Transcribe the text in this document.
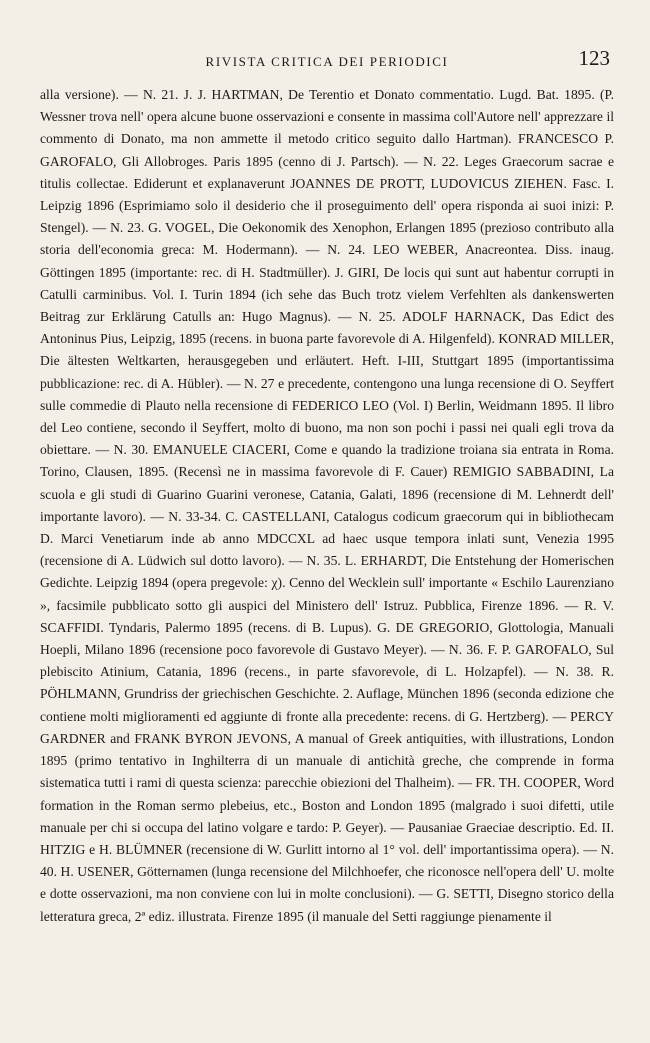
RIVISTA CRITICA DEI PERIODICI	123

alla versione). — N. 21. J. J. HARTMAN, De Terentio et Donato commentatio. Lugd. Bat. 1895. (P. Wessner trova nell' opera alcune buone osservazioni e consente in massima coll'Autore nell' apprezzare il commento di Donato, ma non ammette il metodo critico seguito dallo Hartman). FRANCESCO P. GAROFALO, Gli Allobroges. Paris 1895 (cenno di J. Partsch). — N. 22. Leges Graecorum sacrae e titulis collectae. Ediderunt et explanaverunt JOANNES DE PROTT, LUDOVICUS ZIEHEN. Fasc. I. Leipzig 1896 (Esprimiamo solo il desiderio che il proseguimento dell' opera risponda ai suoi inizi: P. Stengel). — N. 23. G. VOGEL, Die Oekonomik des Xenophon, Erlangen 1895 (prezioso contributo alla storia dell'economia greca: M. Hodermann). — N. 24. LEO WEBER, Anacreontea. Diss. inaug. Göttingen 1895 (importante: rec. di H. Stadtmüller). J. GIRI, De locis qui sunt aut habentur corrupti in Catulli carminibus. Vol. I. Turin 1894 (ich sehe das Buch trotz vielem Verfehlten als dankenswerten Beitrag zur Erklärung Catulls an: Hugo Magnus). — N. 25. ADOLF HARNACK, Das Edict des Antoninus Pius, Leipzig, 1895 (recens. in buona parte favorevole di A. Hilgenfeld). KONRAD MILLER, Die ältesten Weltkarten, herausgegeben und erläutert. Heft. I-III, Stuttgart 1895 (importantissima pubblicazione: rec. di A. Hübler). — N. 27 e precedente, contengono una lunga recensione di O. Seyffert sulle commedie di Plauto nella recensione di FEDERICO LEO (Vol. I) Berlin, Weidmann 1895. Il libro del Leo contiene, secondo il Seyffert, molto di buono, ma non son pochi i passi nei quali egli trova da obiettare. — N. 30. EMANUELE CIACERI, Come e quando la tradizione troiana sia entrata in Roma. Torino, Clausen, 1895. (Recensì ne in massima favorevole di F. Cauer) REMIGIO SABBADINI, La scuola e gli studi di Guarino Guarini veronese, Catania, Galati, 1896 (recensione di M. Lehnerdt dell' importante lavoro). — N. 33-34. C. CASTELLANI, Catalogus codicum graecorum qui in bibliothecam D. Marci Venetiarum inde ab anno MDCCXL ad haec usque tempora inlati sunt, Venezia 1995 (recensione di A. Lüdwich sul dotto lavoro). — N. 35. L. ERHARDT, Die Entstehung der Homerischen Gedichte. Leipzig 1894 (opera pregevole: χ). Cenno del Wecklein sull' importante « Eschilo Laurenziano », facsimile pubblicato sotto gli auspici del Ministero dell' Istruz. Pubblica, Firenze 1896. — R. V. SCAFFIDI. Tyndaris, Palermo 1895 (recens. di B. Lupus). G. DE GREGORIO, Glottologia, Manuali Hoepli, Milano 1896 (recensione poco favorevole di Gustavo Meyer). — N. 36. F. P. GAROFALO, Sul plebiscito Atinium, Catania, 1896 (recens., in parte sfavorevole, di L. Holzapfel). — N. 38. R. PÖHLMANN, Grundriss der griechischen Geschichte. 2. Auflage, München 1896 (seconda edizione che contiene molti miglioramenti ed aggiunte di fronte alla precedente: recens. di G. Hertzberg). — PERCY GARDNER and FRANK BYRON JEVONS, A manual of Greek antiquities, with illustrations, London 1895 (primo tentativo in Inghilterra di un manuale di antichità greche, che comprende in forma sistematica tutti i rami di questa scienza: parecchie obiezioni del Thalheim). — FR. TH. COOPER, Word formation in the Roman sermo plebeius, etc., Boston and London 1895 (malgrado i suoi difetti, utile manuale per chi si occupa del latino volgare e tardo: P. Geyer). — Pausaniae Graeciae descriptio. Ed. II. HITZIG e H. BLÜMNER (recensione di W. Gurlitt intorno al 1° vol. dell' importantissima opera). — N. 40. H. USENER, Götternamen (lunga recensione del Milchhoefer, che riconosce nell'opera dell' U. molte e dotte osservazioni, ma non conviene con lui in molte conclusioni). — G. SETTI, Disegno storico della letteratura greca, 2ª ediz. illustrata. Firenze 1895 (il manuale del Setti raggiunge pienamente il
